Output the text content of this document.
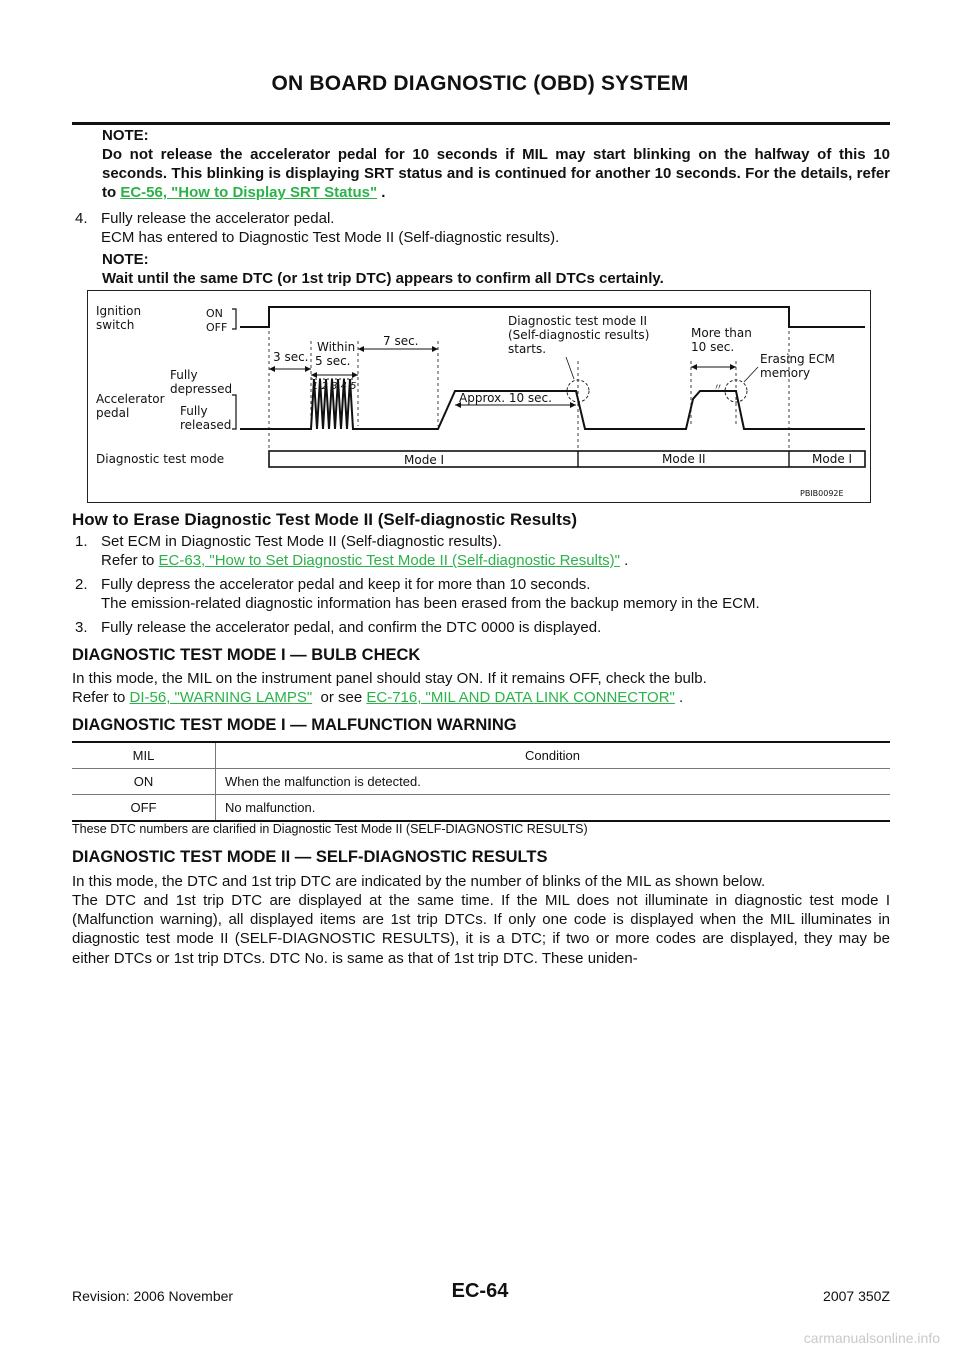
ON BOARD DIAGNOSTIC (OBD) SYSTEM
NOTE:
Do not release the accelerator pedal for 10 seconds if MIL may start blinking on the halfway of this 10 seconds. This blinking is displaying SRT status and is continued for another 10 seconds. For the details, refer to EC-56, "How to Display SRT Status" .
4. Fully release the accelerator pedal.
ECM has entered to Diagnostic Test Mode II (Self-diagnostic results).
NOTE:
Wait until the same DTC (or 1st trip DTC) appears to confirm all DTCs certainly.
Ignition
switch
ON
OFF
Accelerator
pedal
Fully
depressed
Fully
released
Diagnostic test mode
3 sec.
Within
5 sec.
7 sec.
1 2 3 4 5
Approx. 10 sec.
Diagnostic test mode II
(Self-diagnostic results)
starts.
More than
10 sec.
〃
Erasing ECM
memory
Mode I	Mode II	Mode I
PBIB0092E
How to Erase Diagnostic Test Mode II (Self-diagnostic Results)
1. Set ECM in Diagnostic Test Mode II (Self-diagnostic results).
Refer to EC-63, "How to Set Diagnostic Test Mode II (Self-diagnostic Results)" .
2. Fully depress the accelerator pedal and keep it for more than 10 seconds.
The emission-related diagnostic information has been erased from the backup memory in the ECM.
3. Fully release the accelerator pedal, and confirm the DTC 0000 is displayed.
DIAGNOSTIC TEST MODE I — BULB CHECK
In this mode, the MIL on the instrument panel should stay ON. If it remains OFF, check the bulb.
Refer to DI-56, "WARNING LAMPS"  or see EC-716, "MIL AND DATA LINK CONNECTOR" .
DIAGNOSTIC TEST MODE I — MALFUNCTION WARNING
MIL	Condition
ON	When the malfunction is detected.
OFF	No malfunction.
These DTC numbers are clarified in Diagnostic Test Mode II (SELF-DIAGNOSTIC RESULTS)
DIAGNOSTIC TEST MODE II — SELF-DIAGNOSTIC RESULTS
In this mode, the DTC and 1st trip DTC are indicated by the number of blinks of the MIL as shown below.
The DTC and 1st trip DTC are displayed at the same time. If the MIL does not illuminate in diagnostic test mode I (Malfunction warning), all displayed items are 1st trip DTCs. If only one code is displayed when the MIL illuminates in diagnostic test mode II (SELF-DIAGNOSTIC RESULTS), it is a DTC; if two or more codes are displayed, they may be either DTCs or 1st trip DTCs. DTC No. is same as that of 1st trip DTC. These uniden-
Revision: 2006 November	EC-64	2007 350Z
carmanualsonline.info
